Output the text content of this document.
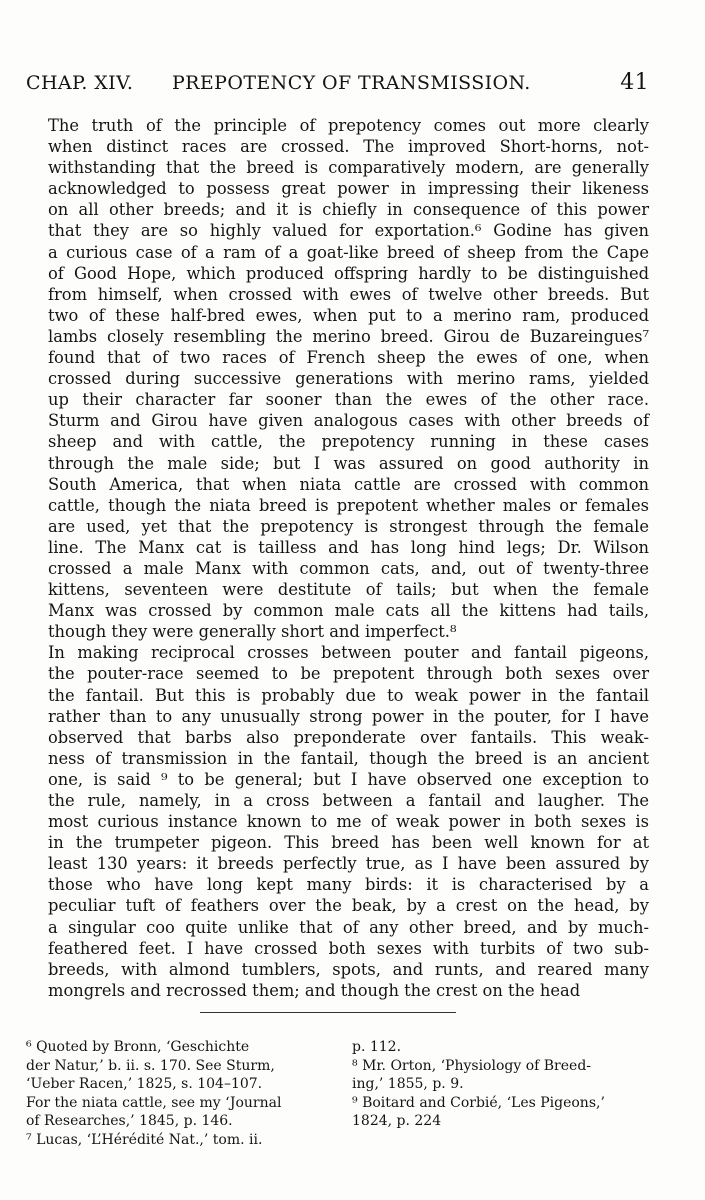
CHAP. XIV. PREPOTENCY OF TRANSMISSION.	41

The truth of the principle of prepotency comes out more clearly
when distinct races are crossed. The improved Short-horns, not-
withstanding that the breed is comparatively modern, are generally
acknowledged to possess great power in impressing their likeness
on all other breeds; and it is chiefly in consequence of this power
that they are so highly valued for exportation.⁶ Godine has given
a curious case of a ram of a goat-like breed of sheep from the Cape
of Good Hope, which produced offspring hardly to be distinguished
from himself, when crossed with ewes of twelve other breeds. But
two of these half-bred ewes, when put to a merino ram, produced
lambs closely resembling the merino breed. Girou de Buzareingues⁷
found that of two races of French sheep the ewes of one, when
crossed during successive generations with merino rams, yielded
up their character far sooner than the ewes of the other race.
Sturm and Girou have given analogous cases with other breeds of
sheep and with cattle, the prepotency running in these cases
through the male side; but I was assured on good authority in
South America, that when niata cattle are crossed with common
cattle, though the niata breed is prepotent whether males or females
are used, yet that the prepotency is strongest through the female
line. The Manx cat is tailless and has long hind legs; Dr. Wilson
crossed a male Manx with common cats, and, out of twenty-three
kittens, seventeen were destitute of tails; but when the female
Manx was crossed by common male cats all the kittens had tails,
though they were generally short and imperfect.⁸

In making reciprocal crosses between pouter and fantail pigeons,
the pouter-race seemed to be prepotent through both sexes over
the fantail. But this is probably due to weak power in the fantail
rather than to any unusually strong power in the pouter, for I have
observed that barbs also preponderate over fantails. This weak-
ness of transmission in the fantail, though the breed is an ancient
one, is said ⁹ to be general; but I have observed one exception to
the rule, namely, in a cross between a fantail and laugher. The
most curious instance known to me of weak power in both sexes is
in the trumpeter pigeon. This breed has been well known for at
least 130 years: it breeds perfectly true, as I have been assured by
those who have long kept many birds: it is characterised by a
peculiar tuft of feathers over the beak, by a crest on the head, by
a singular coo quite unlike that of any other breed, and by much-
feathered feet. I have crossed both sexes with turbits of two sub-
breeds, with almond tumblers, spots, and runts, and reared many
mongrels and recrossed them; and though the crest on the head

⁶ Quoted by Bronn, ‘Geschichte
der Natur,’ b. ii. s. 170. See Sturm,
‘Ueber Racen,’ 1825, s. 104–107.
For the niata cattle, see my ‘Journal
of Researches,’ 1845, p. 146.
⁷ Lucas, ‘L’Hérédité Nat.,’ tom. ii.
p. 112.
⁸ Mr. Orton, ‘Physiology of Breed-
ing,’ 1855, p. 9.
⁹ Boitard and Corbié, ‘Les Pigeons,’
1824, p. 224
